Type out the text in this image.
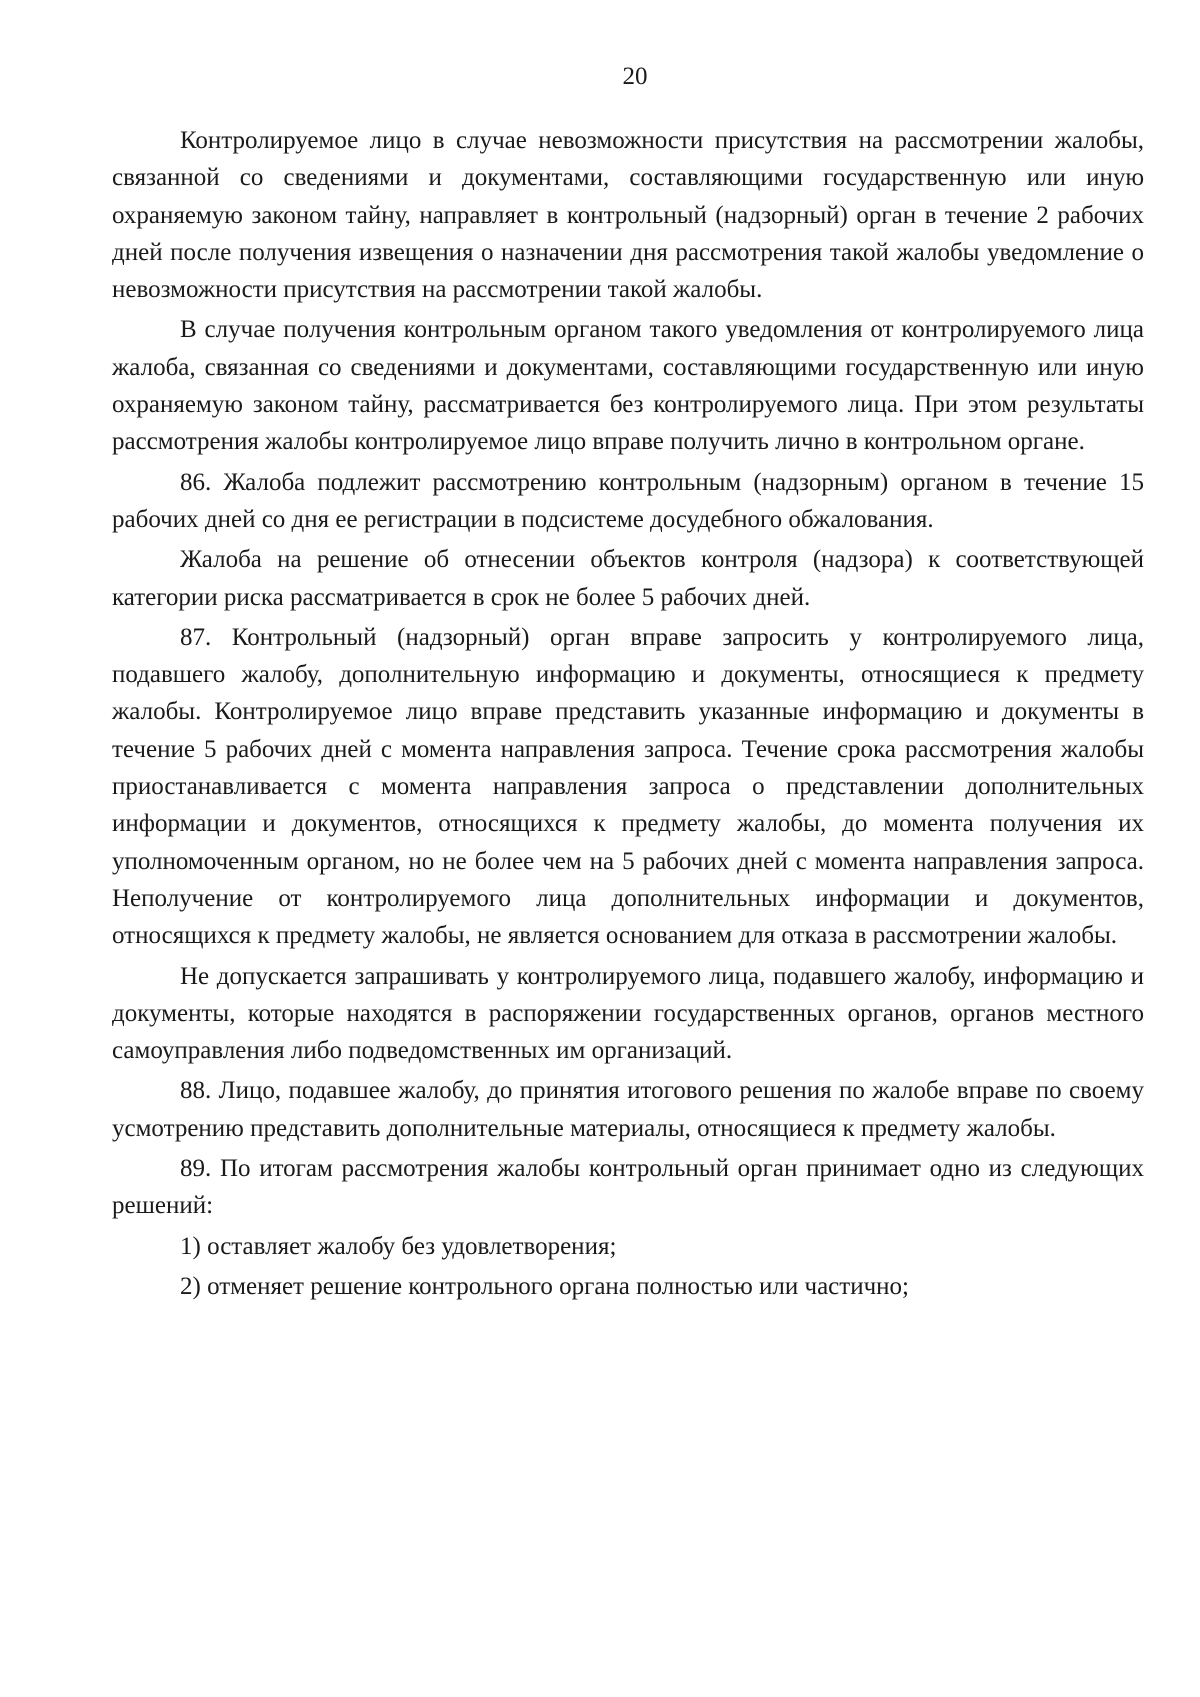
20

Контролируемое лицо в случае невозможности присутствия на рассмотрении жалобы, связанной со сведениями и документами, составляющими государственную или иную охраняемую законом тайну, направляет в контрольный (надзорный) орган в течение 2 рабочих дней после получения извещения о назначении дня рассмотрения такой жалобы уведомление о невозможности присутствия на рассмотрении такой жалобы.

В случае получения контрольным органом такого уведомления от контролируемого лица жалоба, связанная со сведениями и документами, составляющими государственную или иную охраняемую законом тайну, рассматривается без контролируемого лица. При этом результаты рассмотрения жалобы контролируемое лицо вправе получить лично в контрольном органе.

86. Жалоба подлежит рассмотрению контрольным (надзорным) органом в течение 15 рабочих дней со дня ее регистрации в подсистеме досудебного обжалования.

Жалоба на решение об отнесении объектов контроля (надзора) к соответствующей категории риска рассматривается в срок не более 5 рабочих дней.

87. Контрольный (надзорный) орган вправе запросить у контролируемого лица, подавшего жалобу, дополнительную информацию и документы, относящиеся к предмету жалобы. Контролируемое лицо вправе представить указанные информацию и документы в течение 5 рабочих дней с момента направления запроса. Течение срока рассмотрения жалобы приостанавливается с момента направления запроса о представлении дополнительных информации и документов, относящихся к предмету жалобы, до момента получения их уполномоченным органом, но не более чем на 5 рабочих дней с момента направления запроса. Неполучение от контролируемого лица дополнительных информации и документов, относящихся к предмету жалобы, не является основанием для отказа в рассмотрении жалобы.

Не допускается запрашивать у контролируемого лица, подавшего жалобу, информацию и документы, которые находятся в распоряжении государственных органов, органов местного самоуправления либо подведомственных им организаций.

88. Лицо, подавшее жалобу, до принятия итогового решения по жалобе вправе по своему усмотрению представить дополнительные материалы, относящиеся к предмету жалобы.

89. По итогам рассмотрения жалобы контрольный орган принимает одно из следующих решений:

1) оставляет жалобу без удовлетворения;

2) отменяет решение контрольного органа полностью или частично;
